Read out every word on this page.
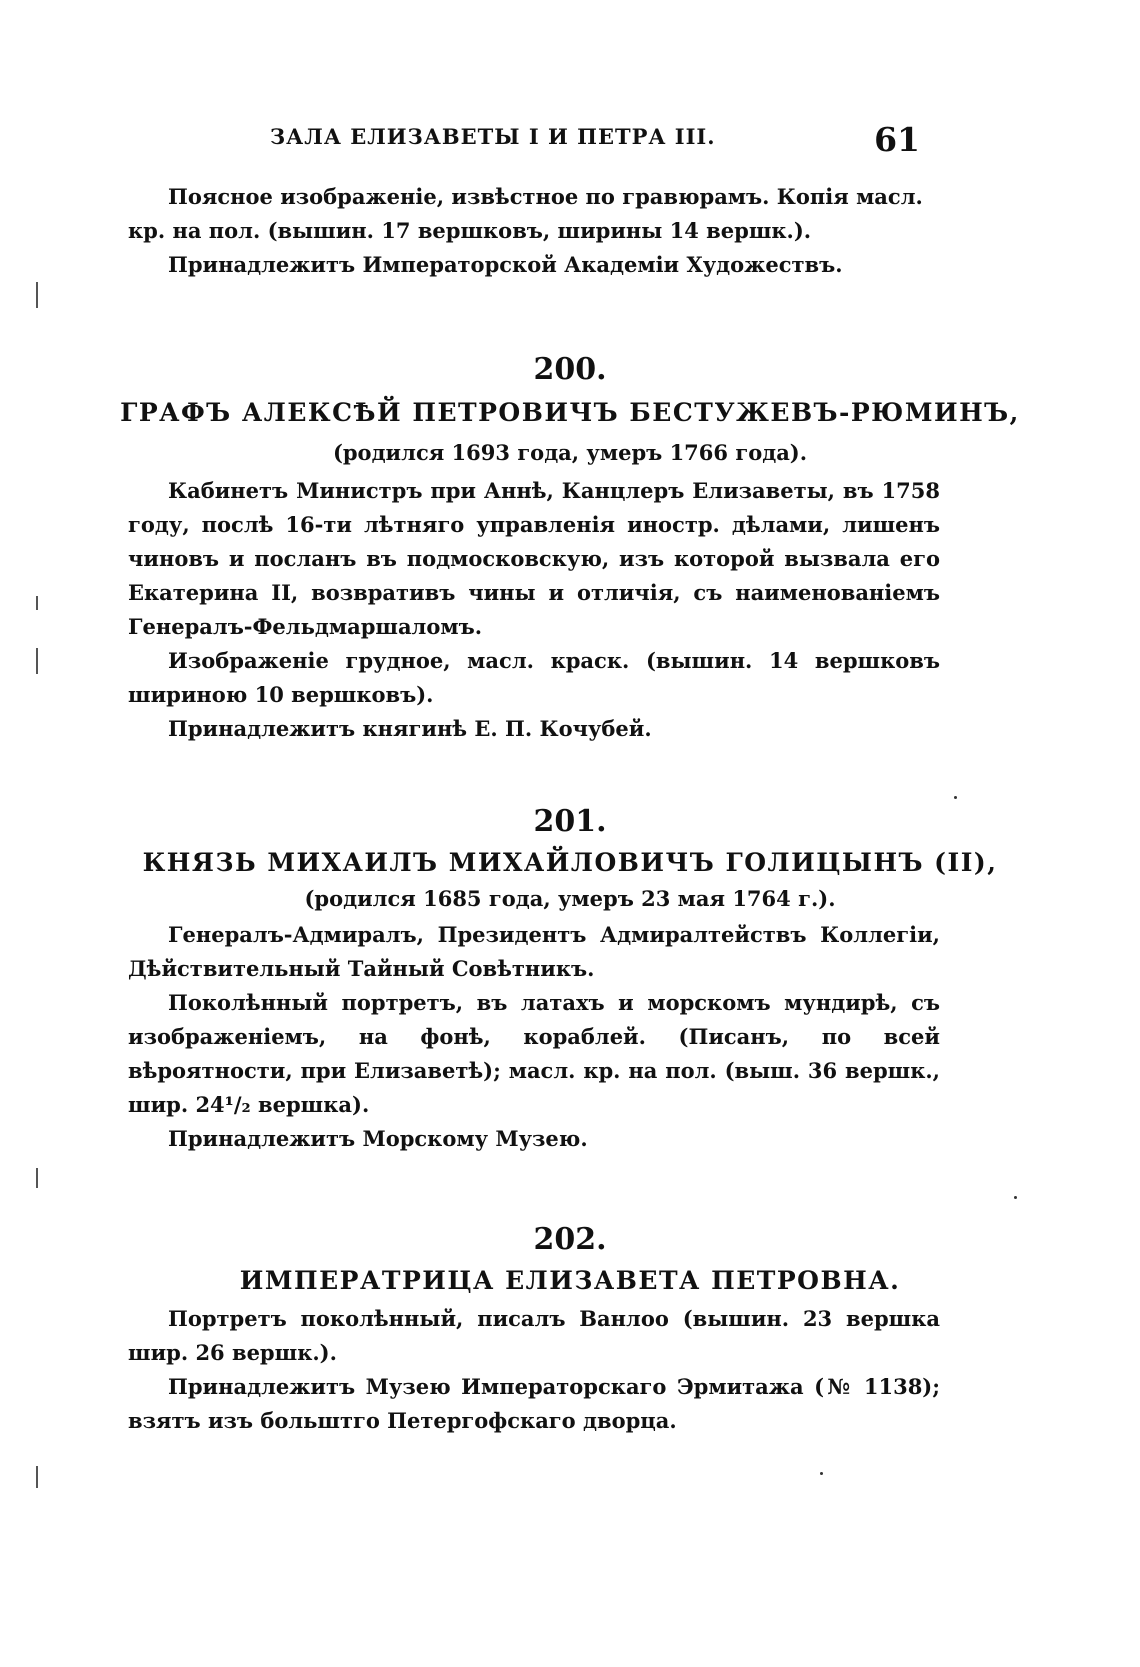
ЗАЛА ЕЛИЗАВЕТЫ I И ПЕТРА III.	61

Поясное изображеніе, извѣстное по гравюрамъ. Копія масл.

кр. на пол. (вышин. 17 вершковъ, ширины 14 вершк.).

Принадлежитъ Императорской Академіи Художествъ.

200.
ГРАФЪ АЛЕКСѢЙ ПЕТРОВИЧЪ БЕСТУЖЕВЪ-РЮМИНЪ,
(родился 1693 года, умеръ 1766 года).

Кабинетъ Министръ при Аннѣ, Канцлеръ Елизаветы, въ 1758 году, послѣ 16-ти лѣтняго управленія иностр. дѣлами, лишенъ чиновъ и посланъ въ подмосковскую, изъ которой вызвала его Екатерина II, возвративъ чины и отличія, съ наименованіемъ Генералъ-Фельдмаршаломъ.

Изображеніе грудное, масл. краск. (вышин. 14 вершковъ шириною 10 вершковъ).

Принадлежитъ княгинѣ Е. П. Кочубей.

201.
КНЯЗЬ МИХАИЛЪ МИХАЙЛОВИЧЪ ГОЛИЦЫНЪ (II),
(родился 1685 года, умеръ 23 мая 1764 г.).

Генералъ-Адмиралъ, Президентъ Адмиралтействъ Коллегіи, Дѣйствительный Тайный Совѣтникъ.

Поколѣнный портретъ, въ латахъ и морскомъ мундирѣ, съ изображеніемъ, на фонѣ, кораблей. (Писанъ, по всей вѣроятности, при Елизаветѣ); масл. кр. на пол. (выш. 36 вершк., шир. 24¹/₂ вершка).

Принадлежитъ Морскому Музею.

202.
ИМПЕРАТРИЦА ЕЛИЗАВЕТА ПЕТРОВНА.

Портретъ поколѣнный, писалъ Ванлоо (вышин. 23 вершка шир. 26 вершк.).

Принадлежитъ Музею Императорскаго Эрмитажа (№ 1138); взятъ изъ больштго Петергофскаго дворца.
